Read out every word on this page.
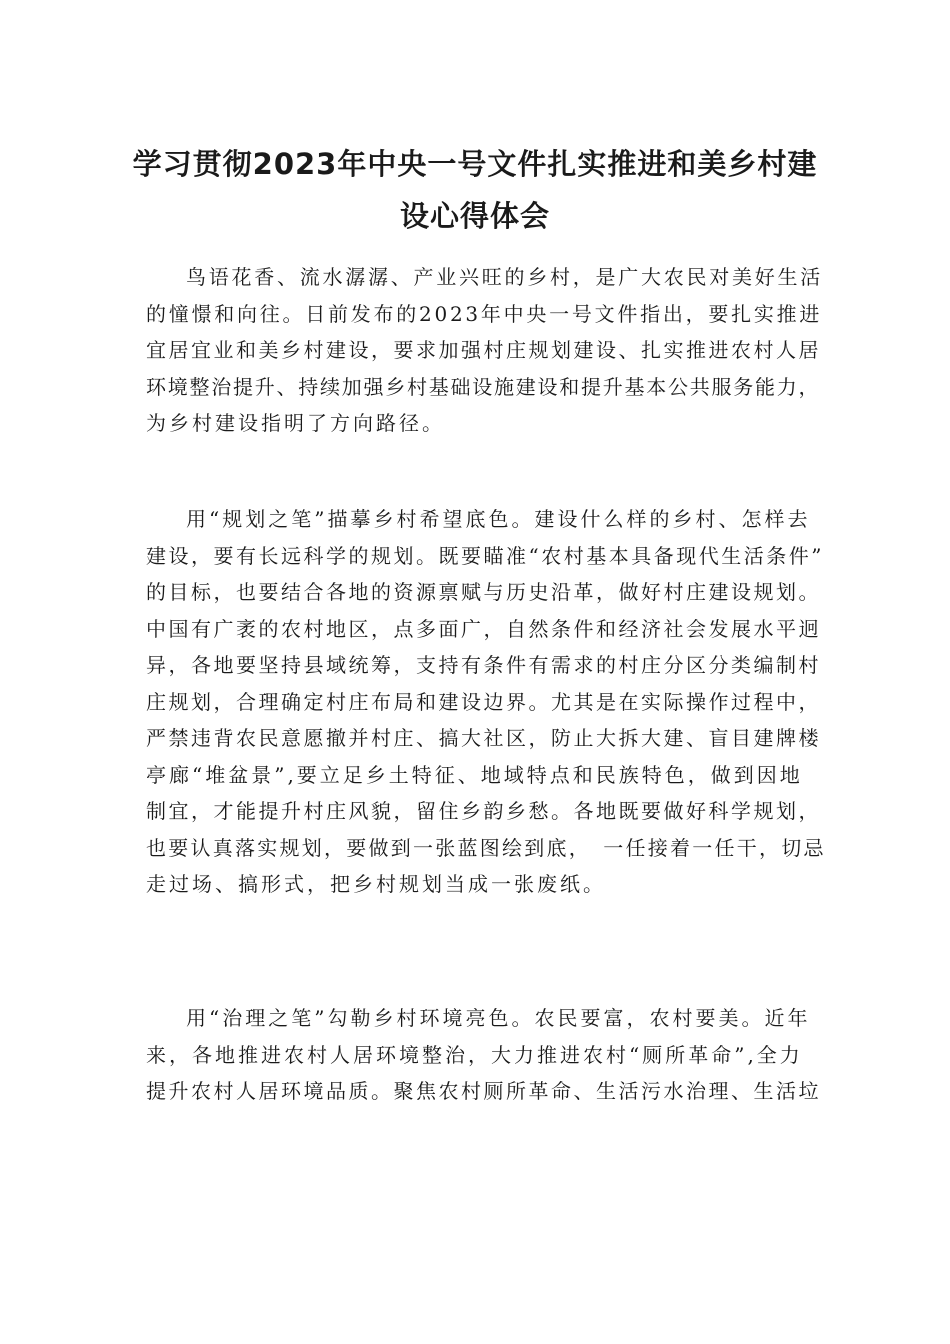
学习贯彻2023年中央一号文件扎实推进和美乡村建
设心得体会

鸟语花香、流水潺潺、产业兴旺的乡村，是广大农民对美好生活
的憧憬和向往。日前发布的2023年中央一号文件指出，要扎实推进
宜居宜业和美乡村建设，要求加强村庄规划建设、扎实推进农村人居
环境整治提升、持续加强乡村基础设施建设和提升基本公共服务能力，
为乡村建设指明了方向路径。

用“规划之笔”描摹乡村希望底色。建设什么样的乡村、怎样去
建设，要有长远科学的规划。既要瞄准“农村基本具备现代生活条件”
的目标，也要结合各地的资源禀赋与历史沿革，做好村庄建设规划。
中国有广袤的农村地区，点多面广，自然条件和经济社会发展水平迥
异，各地要坚持县域统筹，支持有条件有需求的村庄分区分类编制村
庄规划，合理确定村庄布局和建设边界。尤其是在实际操作过程中，
严禁违背农民意愿撤并村庄、搞大社区，防止大拆大建、盲目建牌楼
亭廊“堆盆景”,要立足乡土特征、地域特点和民族特色，做到因地
制宜，才能提升村庄风貌，留住乡韵乡愁。各地既要做好科学规划，
也要认真落实规划，要做到一张蓝图绘到底，　一任接着一任干，切忌
走过场、搞形式，把乡村规划当成一张废纸。

用“治理之笔”勾勒乡村环境亮色。农民要富，农村要美。近年
来，各地推进农村人居环境整治，大力推进农村“厕所革命”,全力
提升农村人居环境品质。聚焦农村厕所革命、生活污水治理、生活垃
